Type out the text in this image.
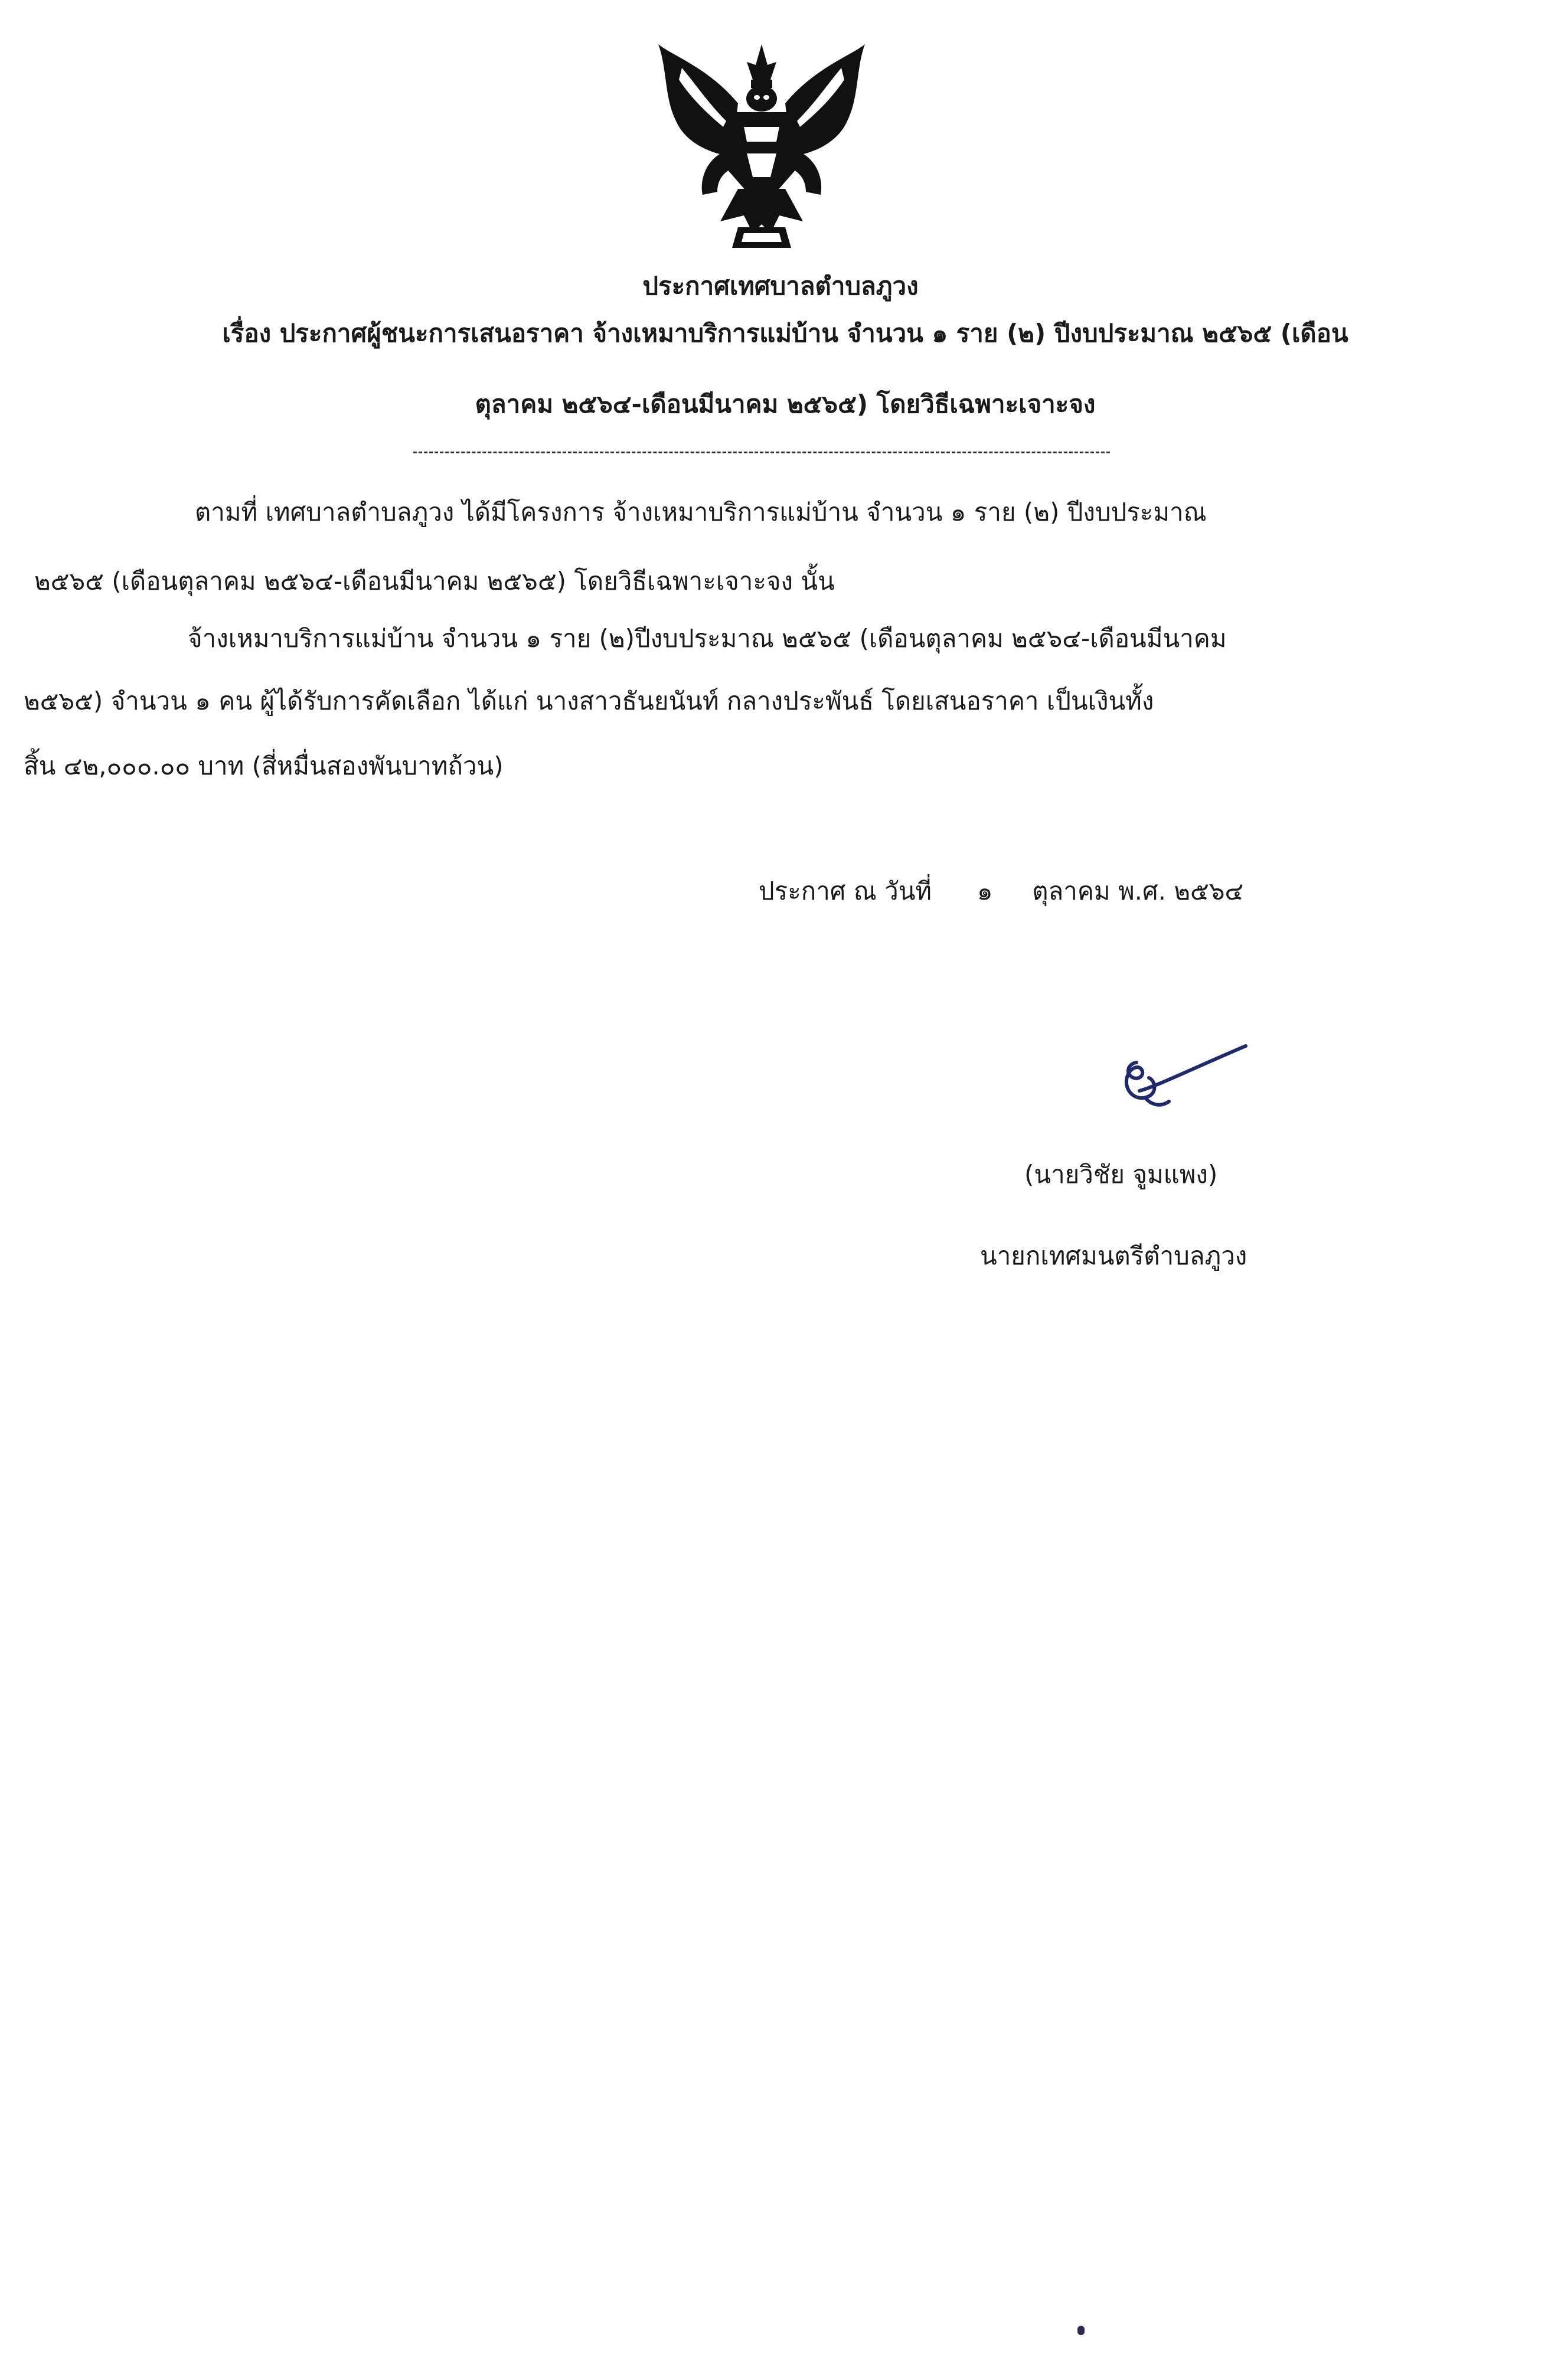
ประกาศเทศบาลตำบลภูวง
เรื่อง ประกาศผู้ชนะการเสนอราคา จ้างเหมาบริการแม่บ้าน จำนวน ๑ ราย (๒) ปีงบประมาณ ๒๕๖๕ (เดือน
ตุลาคม ๒๕๖๔-เดือนมีนาคม ๒๕๖๕) โดยวิธีเฉพาะเจาะจง
ตามที่ เทศบาลตำบลภูวง ได้มีโครงการ จ้างเหมาบริการแม่บ้าน จำนวน ๑ ราย (๒) ปีงบประมาณ
๒๕๖๕ (เดือนตุลาคม ๒๕๖๔-เดือนมีนาคม ๒๕๖๕) โดยวิธีเฉพาะเจาะจง นั้น
จ้างเหมาบริการแม่บ้าน จำนวน ๑ ราย (๒)ปีงบประมาณ ๒๕๖๕ (เดือนตุลาคม ๒๕๖๔-เดือนมีนาคม
๒๕๖๕) จำนวน ๑ คน ผู้ได้รับการคัดเลือก ได้แก่ นางสาวธันยนันท์ กลางประพันธ์ โดยเสนอราคา เป็นเงินทั้ง
สิ้น ๔๒,๐๐๐.๐๐ บาท (สี่หมื่นสองพันบาทถ้วน)
ประกาศ ณ วันที่ ๑ ตุลาคม พ.ศ. ๒๕๖๔
(นายวิชัย จูมแพง)
นายกเทศมนตรีตำบลภูวง
